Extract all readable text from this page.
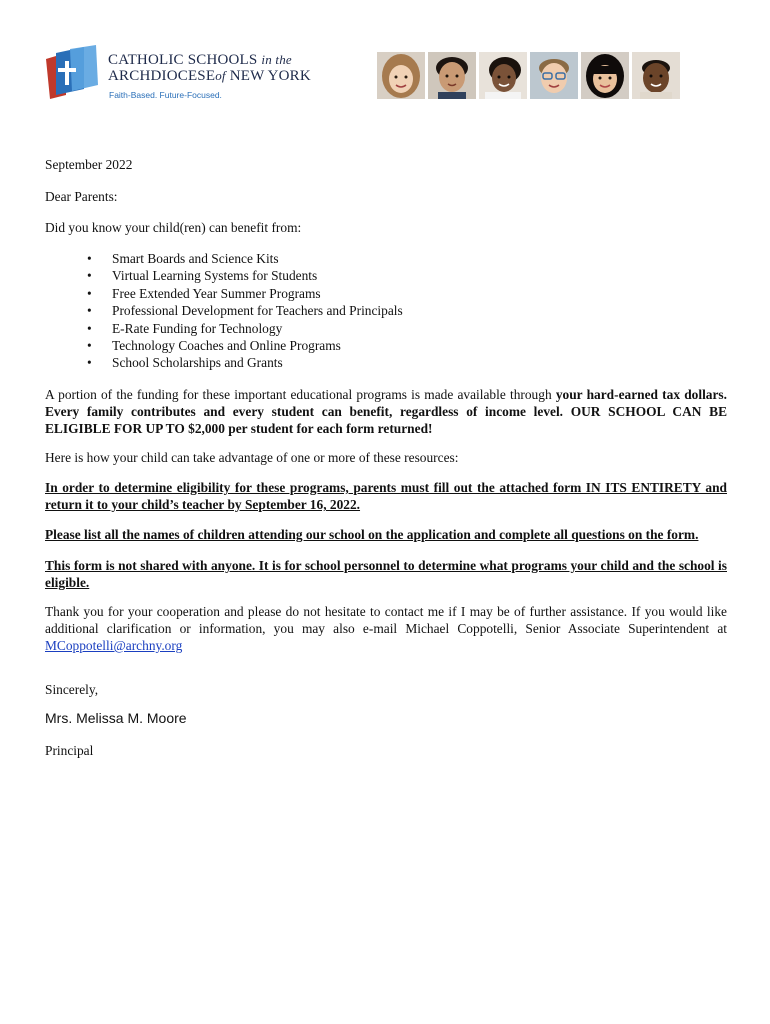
CATHOLIC SCHOOLS in the
ARCHDIOCESEof NEW YORK
Faith-Based. Future-Focused.

September 2022

Dear Parents:

Did you know your child(ren) can benefit from:

• Smart Boards and Science Kits
• Virtual Learning Systems for Students
• Free Extended Year Summer Programs
• Professional Development for Teachers and Principals
• E-Rate Funding for Technology
• Technology Coaches and Online Programs
• School Scholarships and Grants

A portion of the funding for these important educational programs is made available through your hard-earned tax dollars. Every family contributes and every student can benefit, regardless of income level. OUR SCHOOL CAN BE ELIGIBLE FOR UP TO $2,000 per student for each form returned!

Here is how your child can take advantage of one or more of these resources:

In order to determine eligibility for these programs, parents must fill out the attached form IN ITS ENTIRETY and return it to your child’s teacher by September 16, 2022.

Please list all the names of children attending our school on the application and complete all questions on the form.

This form is not shared with anyone. It is for school personnel to determine what programs your child and the school is eligible.

Thank you for your cooperation and please do not hesitate to contact me if I may be of further assistance. If you would like additional clarification or information, you may also e-mail Michael Coppotelli, Senior Associate Superintendent at MCoppotelli@archny.org

Sincerely,

Mrs. Melissa M. Moore

Principal
